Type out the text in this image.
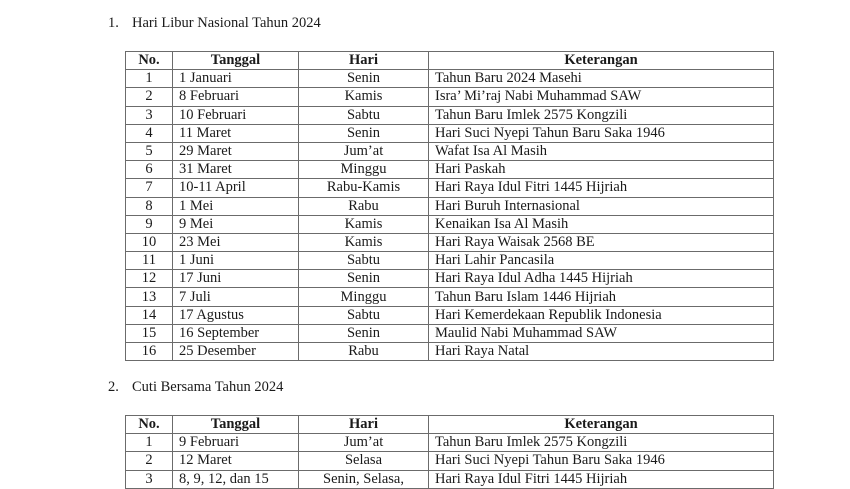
1. Hari Libur Nasional Tahun 2024
No.	Tanggal	Hari	Keterangan
1	1 Januari	Senin	Tahun Baru 2024 Masehi
2	8 Februari	Kamis	Isra’ Mi’raj Nabi Muhammad SAW
3	10 Februari	Sabtu	Tahun Baru Imlek 2575 Kongzili
4	11 Maret	Senin	Hari Suci Nyepi Tahun Baru Saka 1946
5	29 Maret	Jum’at	Wafat Isa Al Masih
6	31 Maret	Minggu	Hari Paskah
7	10-11 April	Rabu-Kamis	Hari Raya Idul Fitri 1445 Hijriah
8	1 Mei	Rabu	Hari Buruh Internasional
9	9 Mei	Kamis	Kenaikan Isa Al Masih
10	23 Mei	Kamis	Hari Raya Waisak 2568 BE
11	1 Juni	Sabtu	Hari Lahir Pancasila
12	17 Juni	Senin	Hari Raya Idul Adha 1445 Hijriah
13	7 Juli	Minggu	Tahun Baru Islam 1446 Hijriah
14	17 Agustus	Sabtu	Hari Kemerdekaan Republik Indonesia
15	16 September	Senin	Maulid Nabi Muhammad SAW
16	25 Desember	Rabu	Hari Raya Natal
2. Cuti Bersama Tahun 2024
No.	Tanggal	Hari	Keterangan
1	9 Februari	Jum’at	Tahun Baru Imlek 2575 Kongzili
2	12 Maret	Selasa	Hari Suci Nyepi Tahun Baru Saka 1946
3	8, 9, 12, dan 15	Senin, Selasa,	Hari Raya Idul Fitri 1445 Hijriah
